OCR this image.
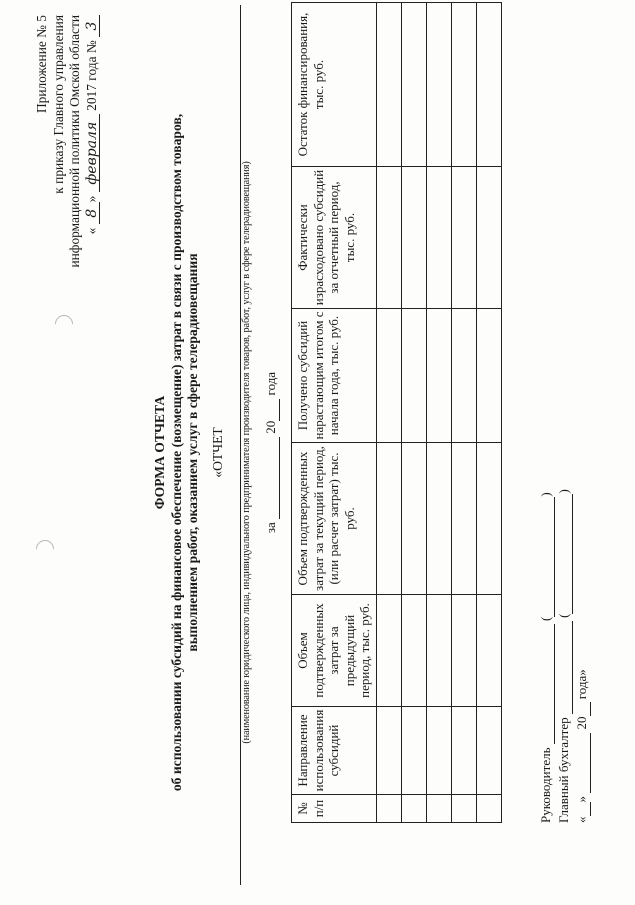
Приложение № 5 к приказу Главного управления информационной политики Омской области « 8» февраля 2017 года № 3
ФОРМА ОТЧЕТА об использовании субсидий на финансовое обеспечение (возмещение) затрат в связи с производством товаров, выполнением работ, оказанием услуг в сфере телерадиовещания «ОТЧЕТ (наименование юридического лица, индивидуального предпринимателя производителя товаров, работ, услуг в сфере телерадиовещания) за   20  года
№ п/п	Направление использования субсидий	Объем подтвержденных затрат за предыдущий период, тыс. руб.	Объем подтвержденных затрат за текущий период, (или расчет затрат) тыс. руб.	Получено субсидий нарастающим итогом с начала года, тыс. руб.	Фактически израсходовано субсидий за отчетный период, тыс. руб.	Остаток финансирования, тыс. руб.

Руководитель   ( )
Главный бухгалтер   ( )
« »   20  года»
